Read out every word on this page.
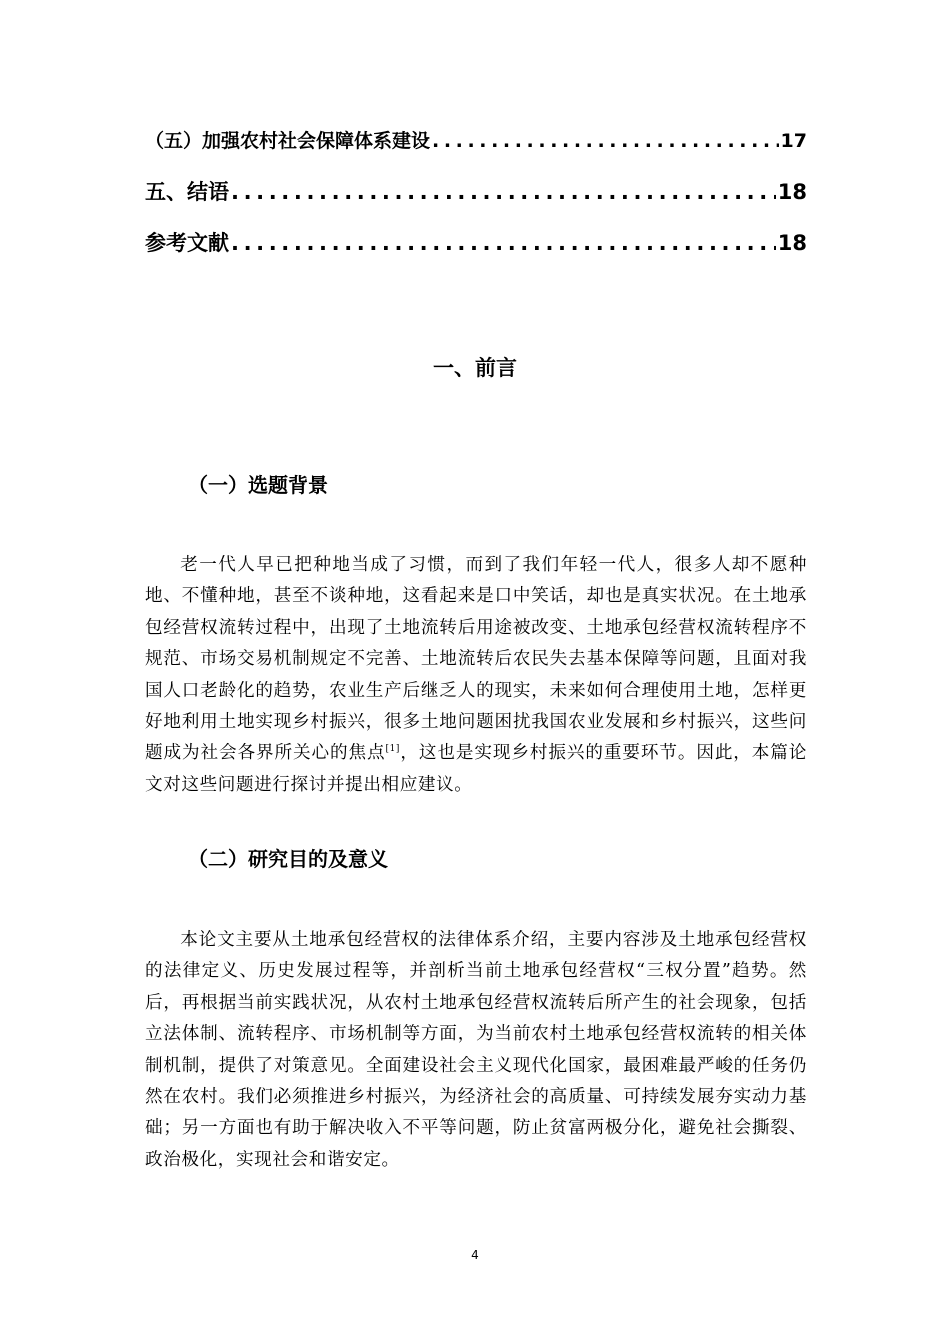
（五）加强农村社会保障体系建设 .....	17
五、结语 .....	18
参考文献 .....	18
一、前言
（一）选题背景

老一代人早已把种地当成了习惯，而到了我们年轻一代人，很多人却不愿种地、不懂种地，甚至不谈种地，这看起来是口中笑话，却也是真实状况。在土地承包经营权流转过程中，出现了土地流转后用途被改变、土地承包经营权流转程序不规范、市场交易机制规定不完善、土地流转后农民失去基本保障等问题，且面对我国人口老龄化的趋势，农业生产后继乏人的现实，未来如何合理使用土地，怎样更好地利用土地实现乡村振兴，很多土地问题困扰我国农业发展和乡村振兴，这些问题成为社会各界所关心的焦点[1]，这也是实现乡村振兴的重要环节。因此，本篇论文对这些问题进行探讨并提出相应建议。

（二）研究目的及意义

本论文主要从土地承包经营权的法律体系介绍，主要内容涉及土地承包经营权的法律定义、历史发展过程等，并剖析当前土地承包经营权“三权分置”趋势。然后，再根据当前实践状况，从农村土地承包经营权流转后所产生的社会现象，包括立法体制、流转程序、市场机制等方面，为当前农村土地承包经营权流转的相关体制机制，提供了对策意见。全面建设社会主义现代化国家，最困难最严峻的任务仍然在农村。我们必须推进乡村振兴，为经济社会的高质量、可持续发展夯实动力基础；另一方面也有助于解决收入不平等问题，防止贫富两极分化，避免社会撕裂、政治极化，实现社会和谐安定。

4
